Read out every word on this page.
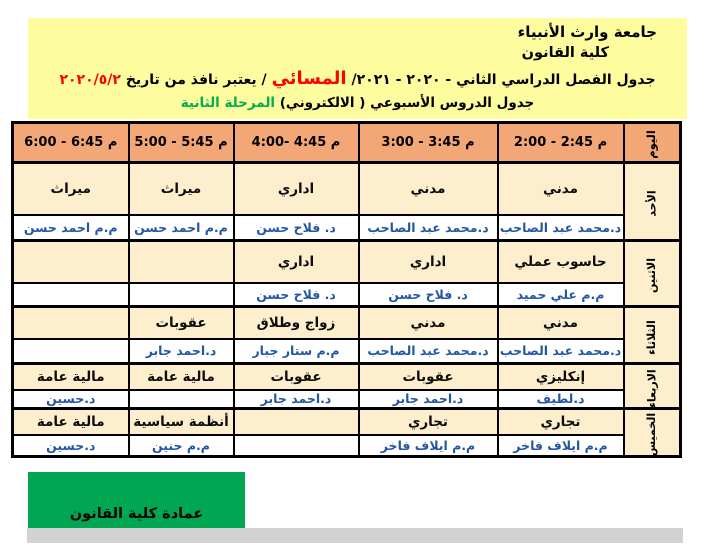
جامعة وارث الأنبياء
كلية القانون
جدول الفصل الدراسي الثاني - ٢٠٢٠ - ٢٠٢١/ المسائي / يعتبر نافذ من تاريخ ٢٠٢٠/٥/٢
جدول الدروس الأسبوعي ( الالكتروني) المرحلة الثانية
اليوم	2:00 - 2:45 م	3:00 - 3:45 م	4:00- 4:45 م	5:00 - 5:45 م	6:00 - 6:45 م
الأحد	مدني	مدني	اداري	ميراث	ميراث
	د.محمد عبد الصاحب	د.محمد عبد الصاحب	د. فلاح حسن	م.م احمد حسن	م.م احمد حسن
الاثنين	حاسوب عملي	اداري	اداري		
	م.م علي حميد	د. فلاح حسن	د. فلاح حسن		
الثلاثاء	مدني	مدني	زواج وطلاق	عقوبات	
	د.محمد عبد الصاحب	د.محمد عبد الصاحب	م.م ستار جبار	د.احمد جابر	
الاربعاء	إنكليزي	عقوبات	عقوبات	مالية عامة	مالية عامة
	د.لطيف	د.احمد جابر	د.احمد جابر		د.حسين
الخميس	تجاري	تجاري		أنظمة سياسية	مالية عامة
	م.م ايلاف فاخر	م.م ايلاف فاخر		م.م حنين	د.حسين
عمادة كلية القانون
